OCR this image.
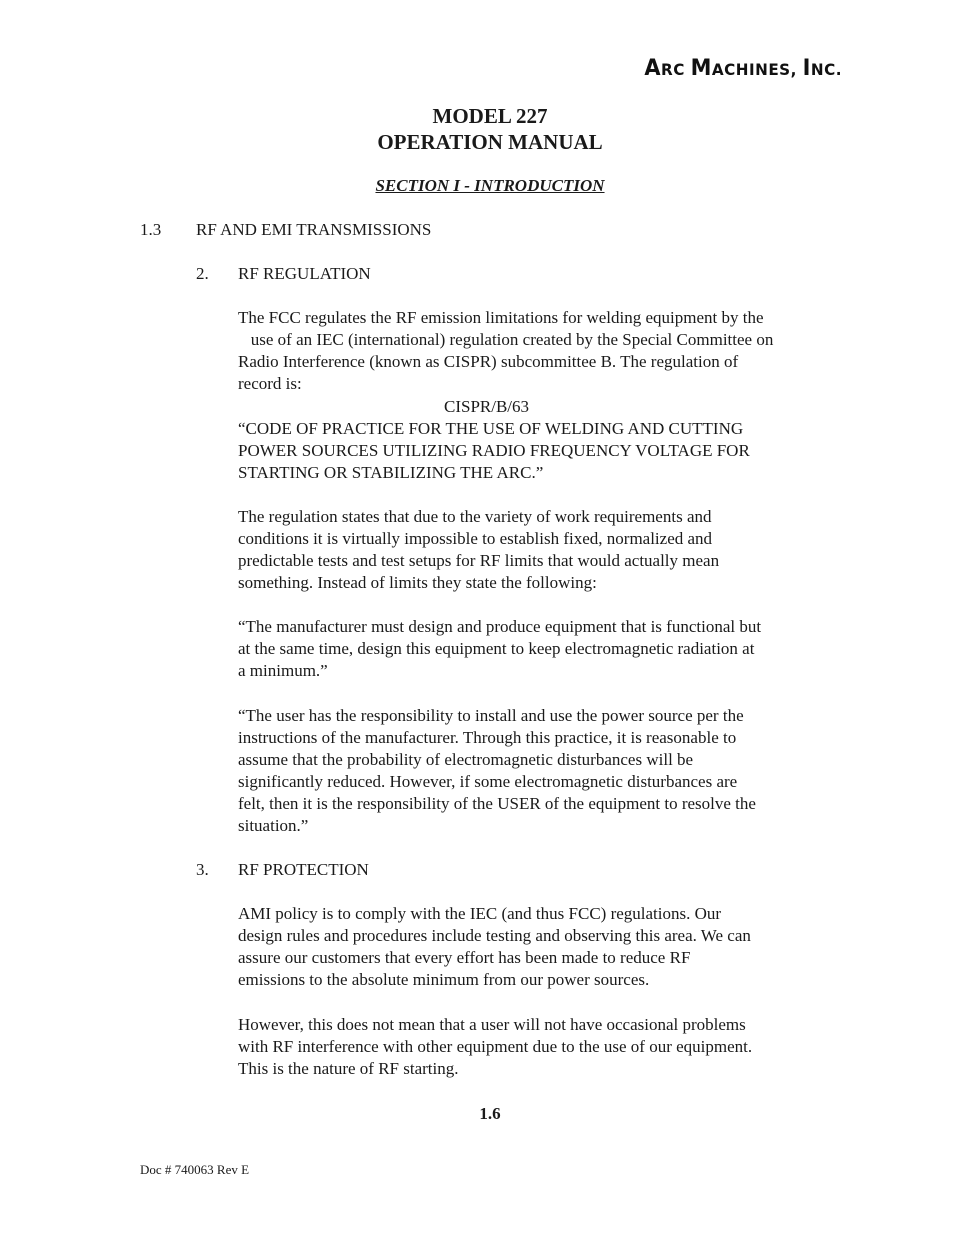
ARC MACHINES, INC.
MODEL 227
OPERATION MANUAL
SECTION I - INTRODUCTION
1.3 RF AND EMI TRANSMISSIONS
2. RF REGULATION
The FCC regulates the RF emission limitations for welding equipment by the
use of an IEC (international) regulation created by the Special Committee on
Radio Interference (known as CISPR) subcommittee B. The regulation of
record is:
CISPR/B/63
“CODE OF PRACTICE FOR THE USE OF WELDING AND CUTTING
POWER SOURCES UTILIZING RADIO FREQUENCY VOLTAGE FOR
STARTING OR STABILIZING THE ARC.”
The regulation states that due to the variety of work requirements and
conditions it is virtually impossible to establish fixed, normalized and
predictable tests and test setups for RF limits that would actually mean
something. Instead of limits they state the following:
“The manufacturer must design and produce equipment that is functional but
at the same time, design this equipment to keep electromagnetic radiation at
a minimum.”
“The user has the responsibility to install and use the power source per the
instructions of the manufacturer. Through this practice, it is reasonable to
assume that the probability of electromagnetic disturbances will be
significantly reduced. However, if some electromagnetic disturbances are
felt, then it is the responsibility of the USER of the equipment to resolve the
situation.”
3. RF PROTECTION
AMI policy is to comply with the IEC (and thus FCC) regulations. Our
design rules and procedures include testing and observing this area. We can
assure our customers that every effort has been made to reduce RF
emissions to the absolute minimum from our power sources.
However, this does not mean that a user will not have occasional problems
with RF interference with other equipment due to the use of our equipment.
This is the nature of RF starting.
1.6
Doc # 740063 Rev E
